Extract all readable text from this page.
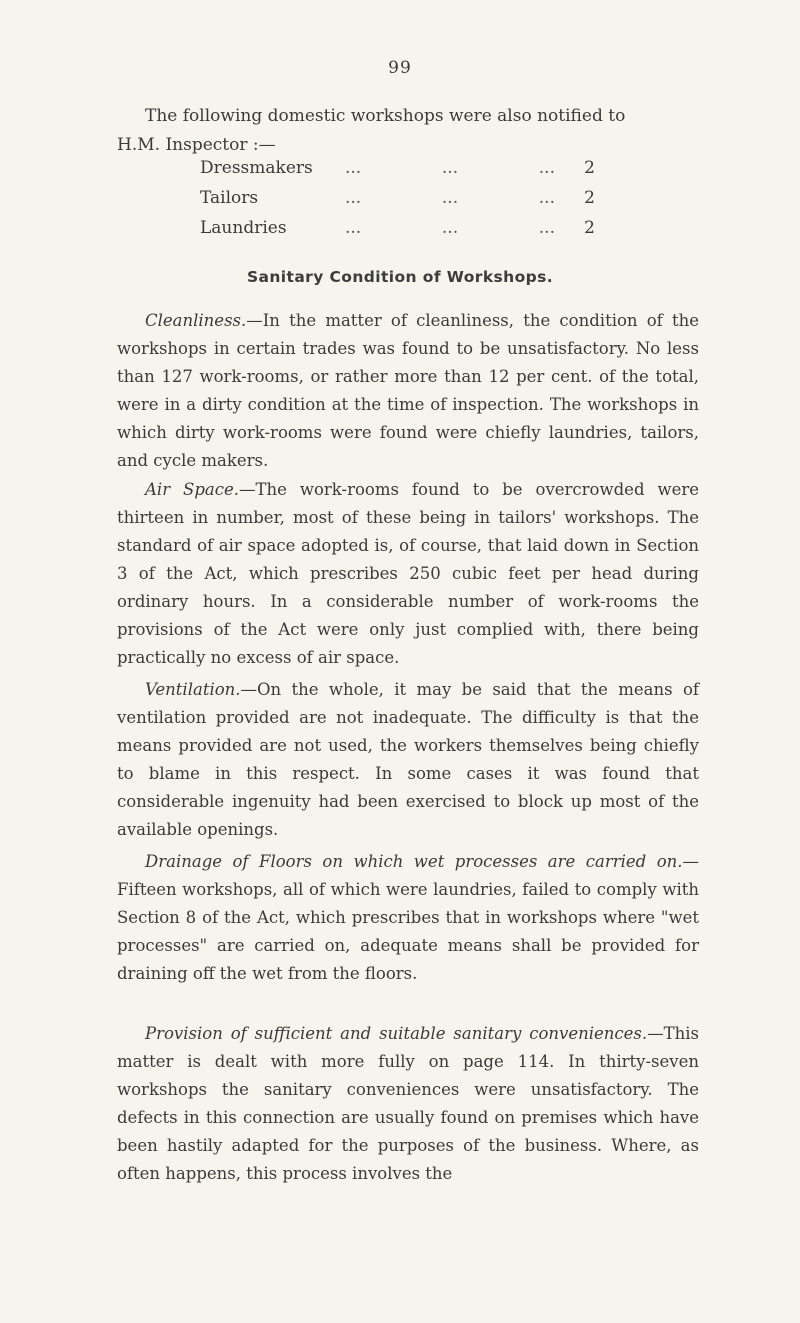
99
The following domestic workshops were also notified to
H.M. Inspector :—
Dressmakers	...	...	...	2
Tailors	...	...	...	2
Laundries	...	...	...	2
Sanitary Condition of Workshops.
Cleanliness.—In the matter of cleanliness, the condition of the workshops in certain trades was found to be unsatisfactory. No less than 127 work-rooms, or rather more than 12 per cent. of the total, were in a dirty condition at the time of inspection. The workshops in which dirty work-rooms were found were chiefly laundries, tailors, and cycle makers.
Air Space.—The work-rooms found to be overcrowded were thirteen in number, most of these being in tailors' workshops. The standard of air space adopted is, of course, that laid down in Section 3 of the Act, which prescribes 250 cubic feet per head during ordinary hours. In a considerable number of work-rooms the provisions of the Act were only just complied with, there being practically no excess of air space.
Ventilation.—On the whole, it may be said that the means of ventilation provided are not inadequate. The difficulty is that the means provided are not used, the workers themselves being chiefly to blame in this respect. In some cases it was found that considerable ingenuity had been exercised to block up most of the available openings.
Drainage of Floors on which wet processes are carried on.—Fifteen workshops, all of which were laundries, failed to comply with Section 8 of the Act, which prescribes that in workshops where "wet processes" are carried on, adequate means shall be provided for draining off the wet from the floors.
Provision of sufficient and suitable sanitary conveniences.—This matter is dealt with more fully on page 114. In thirty-seven workshops the sanitary conveniences were unsatisfactory. The defects in this connection are usually found on premises which have been hastily adapted for the purposes of the business. Where, as often happens, this process involves the
